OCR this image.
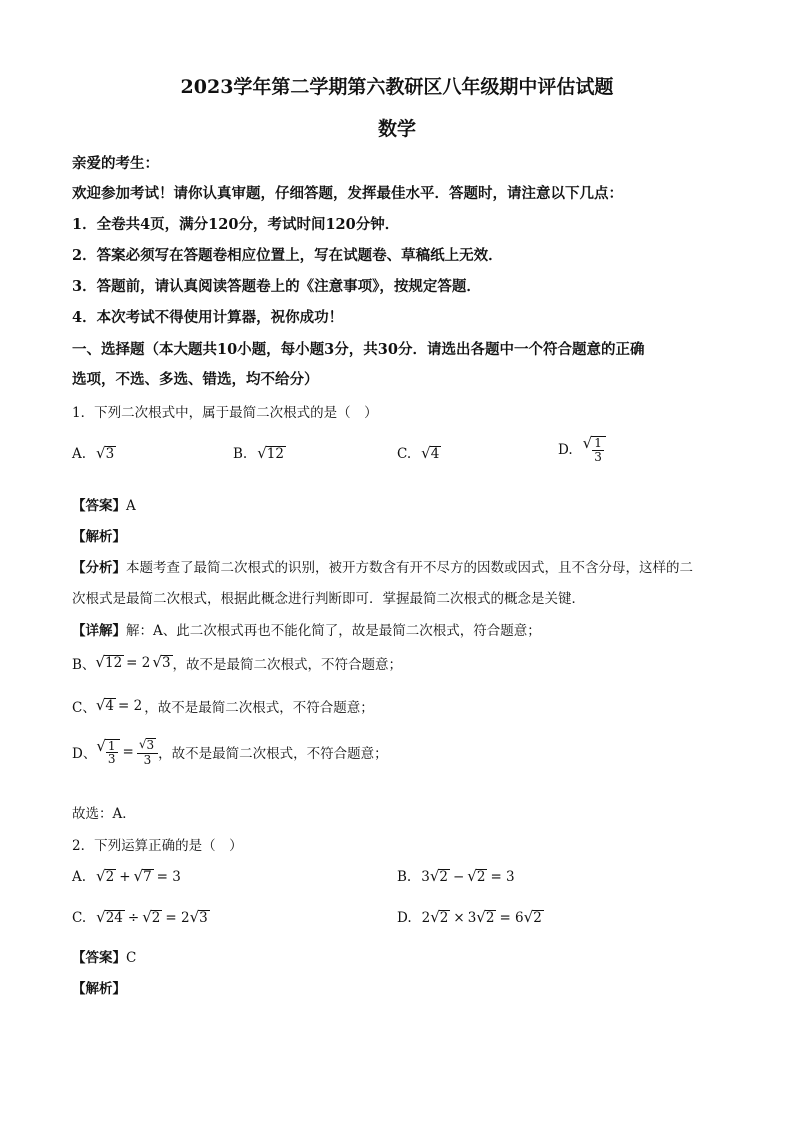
2023学年第二学期第六教研区八年级期中评估试题
数学
亲爱的考生：
欢迎参加考试！请你认真审题，仔细答题，发挥最佳水平．答题时，请注意以下几点：
1．全卷共4页，满分120分，考试时间120分钟．
2．答案必须写在答题卷相应位置上，写在试题卷、草稿纸上无效．
3．答题前，请认真阅读答题卷上的《注意事项》，按规定答题．
4．本次考试不得使用计算器，祝你成功！
一、选择题（本大题共10小题，每小题3分，共30分．请选出各题中一个符合题意的正确
选项，不选、多选、错选，均不给分）
1．下列二次根式中，属于最简二次根式的是（　）
A. √ 3	B. √ 12	C. √ 4	D. √ $\frac{1}{3}$
【答案】A
【解析】
【分析】本题考查了最简二次根式的识别，被开方数含有开不尽方的因数或因式，且不含分母，这样的二
次根式是最简二次根式，根据此概念进行判断即可．掌握最简二次根式的概念是关键．
【详解】解：A、此二次根式再也不能化简了，故是最简二次根式，符合题意；
B、 √ 12 = 2 √ 3 ，故不是最简二次根式，不符合题意；
C、 √ 4 = 2 ，故不是最简二次根式，不符合题意；
D、 √ $\frac{1}{3} = \frac{√ 3}{3}$ ，故不是最简二次根式，不符合题意；
故选：A．
2．下列运算正确的是（　）
A. √ 2 + √ 7 = 3	B. 3 √ 2 − √ 2 = 3
C. √ 24 ÷ √ 2 = 2 √ 3	D. 2 √ 2 × 3 √ 2 = 6 √ 2
【答案】C
【解析】
